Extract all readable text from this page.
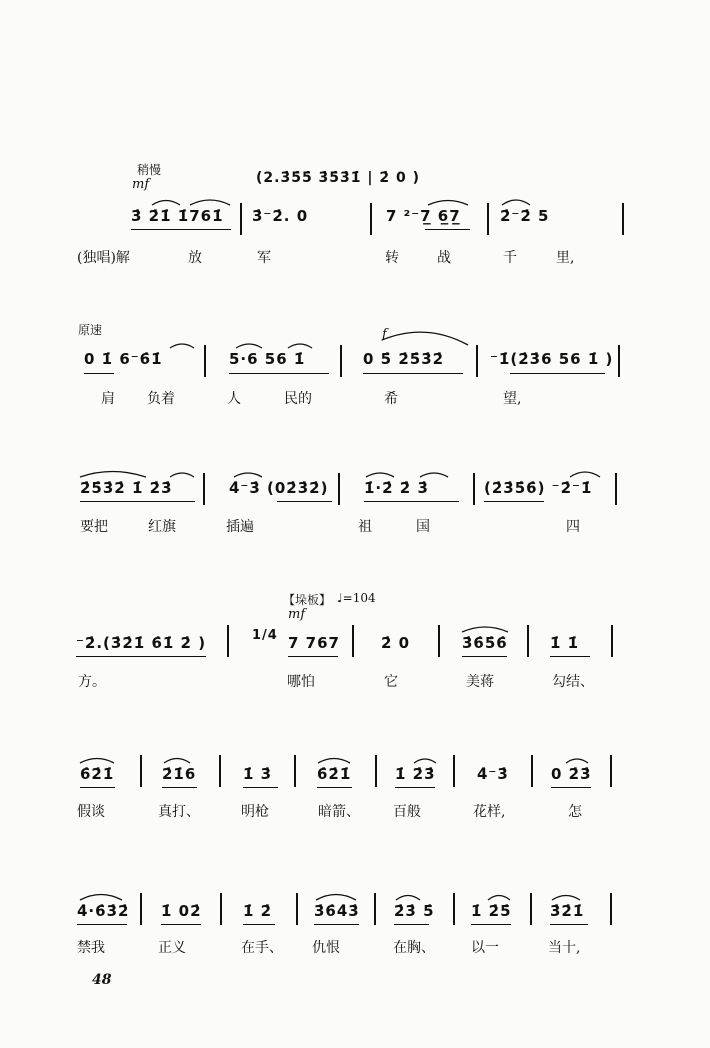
稍慢
mf	(2.3̇5̇5̇ 3̇5̇3̇1̇ | 2̇ 0 )
3̇ 2̇1̇ 1̇761̇ 3̇⁻2̇. 0	7 ²⁻7̲ 6̲7̲	2̇⁻2̇ 5
(独唱)解	放	军	转	战	千	里,
原速	f
0 1̇ 6⁻6̇1̇	5·6 56 1̇	0 5̇ 2̇5̇3̇2̇	⁻1̇(2̇3̇6 56 1̇ )
肩 负着	人	民的	希	望,
2̇5̇3̇2̇ 1̇ 2̇3̇	4̇⁻3̇ (02̇3̇2̇) 1̇·2̇ 2̇ 3̇	(2̇3̇5̇6̇) ⁻2̇⁻1̇
要把	红旗	插遍	祖	国	四
【垛板】 ♩=104
mf
⁻2̇.(3̇2̇1̇ 6̇1̇ 2̇ )	1/4 7 767	2̇ 0	3̇6̇5̇6̇	1̇ 1̇
方。	哪怕	它	美蒋	勾结、
6̇2̇1̇	2̇1̇6	1̇ 3̇	6̇2̇1̇	1̇ 2̇3̇	4̇⁻3̇	0 2̇3̇
假谈	真打、	明枪	暗箭、 百般	花样,	怎
4̇·6̇3̇2̇ 1̇ 02̇	1̇ 2̇	3̇6̇4̇3̇ 2̇3̇ 5̇ 1̇ 2̇5̇	3̇2̇1̇
禁我	正义	在手、 仇恨	在胸、	以一	当十,
48
